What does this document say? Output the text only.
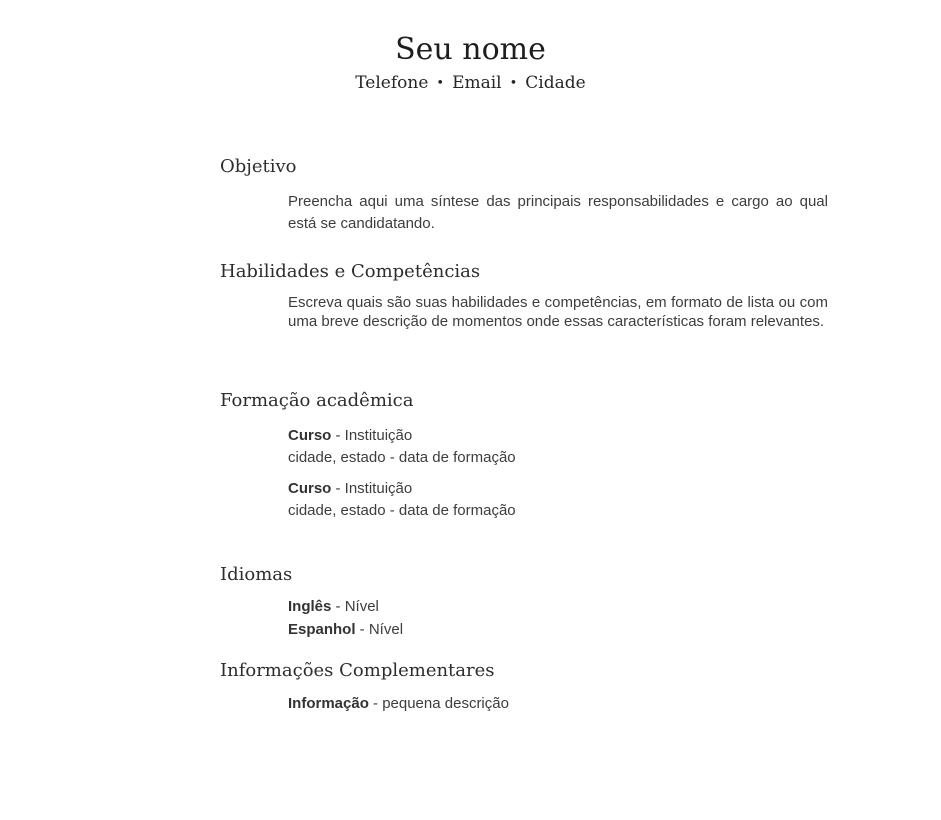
Seu nome
Telefone • Email • Cidade
Objetivo
Preencha aqui uma síntese das principais responsabilidades e cargo ao qual está se candidatando.
Habilidades e Competências
Escreva quais são suas habilidades e competências, em formato de lista ou com uma breve descrição de momentos onde essas características foram relevantes.
Formação acadêmica
Curso - Instituição
cidade, estado - data de formação
Curso - Instituição
cidade, estado - data de formação
Idiomas
Inglês - Nível
Espanhol - Nível
Informações Complementares
Informação - pequena descrição
